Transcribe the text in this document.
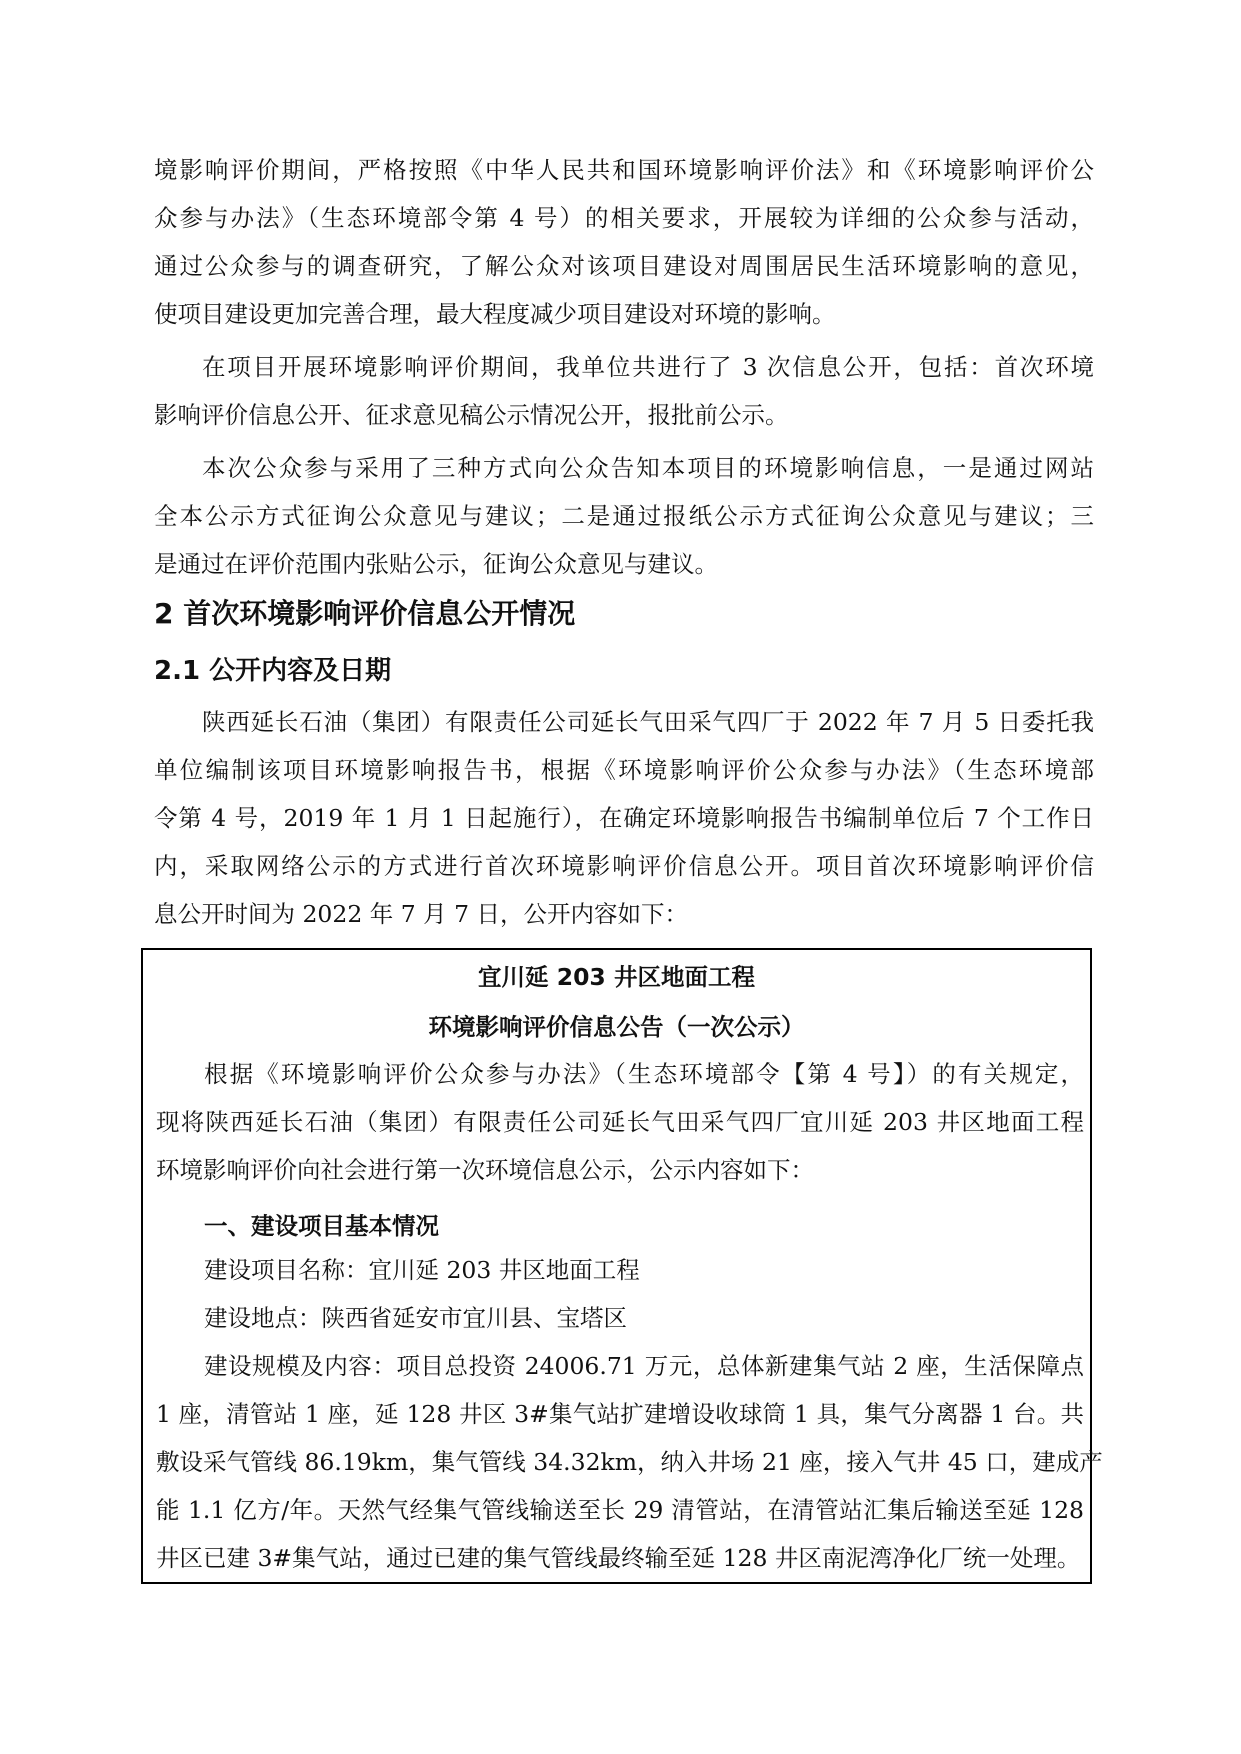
境影响评价期间，严格按照《中华人民共和国环境影响评价法》和《环境影响评价公
众参与办法》（生态环境部令第 4 号）的相关要求，开展较为详细的公众参与活动，
通过公众参与的调查研究，了解公众对该项目建设对周围居民生活环境影响的意见，
使项目建设更加完善合理，最大程度减少项目建设对环境的影响。
在项目开展环境影响评价期间，我单位共进行了 3 次信息公开，包括：首次环境
影响评价信息公开、征求意见稿公示情况公开，报批前公示。
本次公众参与采用了三种方式向公众告知本项目的环境影响信息，一是通过网站
全本公示方式征询公众意见与建议；二是通过报纸公示方式征询公众意见与建议；三
是通过在评价范围内张贴公示，征询公众意见与建议。
2 首次环境影响评价信息公开情况
2.1 公开内容及日期
陕西延长石油（集团）有限责任公司延长气田采气四厂于 2022 年 7 月 5 日委托我
单位编制该项目环境影响报告书，根据《环境影响评价公众参与办法》（生态环境部
令第 4 号，2019 年 1 月 1 日起施行），在确定环境影响报告书编制单位后 7 个工作日
内，采取网络公示的方式进行首次环境影响评价信息公开。项目首次环境影响评价信
息公开时间为 2022 年 7 月 7 日，公开内容如下：
宜川延 203 井区地面工程
环境影响评价信息公告（一次公示）
根据《环境影响评价公众参与办法》（生态环境部令【第 4 号】）的有关规定，
现将陕西延长石油（集团）有限责任公司延长气田采气四厂宜川延 203 井区地面工程
环境影响评价向社会进行第一次环境信息公示，公示内容如下：
一、建设项目基本情况
建设项目名称：宜川延 203 井区地面工程
建设地点：陕西省延安市宜川县、宝塔区
建设规模及内容：项目总投资 24006.71 万元，总体新建集气站 2 座，生活保障点
1 座，清管站 1 座，延 128 井区 3#集气站扩建增设收球筒 1 具，集气分离器 1 台。共
敷设采气管线 86.19km，集气管线 34.32km，纳入井场 21 座，接入气井 45 口，建成产
能 1.1 亿方/年。天然气经集气管线输送至长 29 清管站，在清管站汇集后输送至延 128
井区已建 3#集气站，通过已建的集气管线最终输至延 128 井区南泥湾净化厂统一处理。
